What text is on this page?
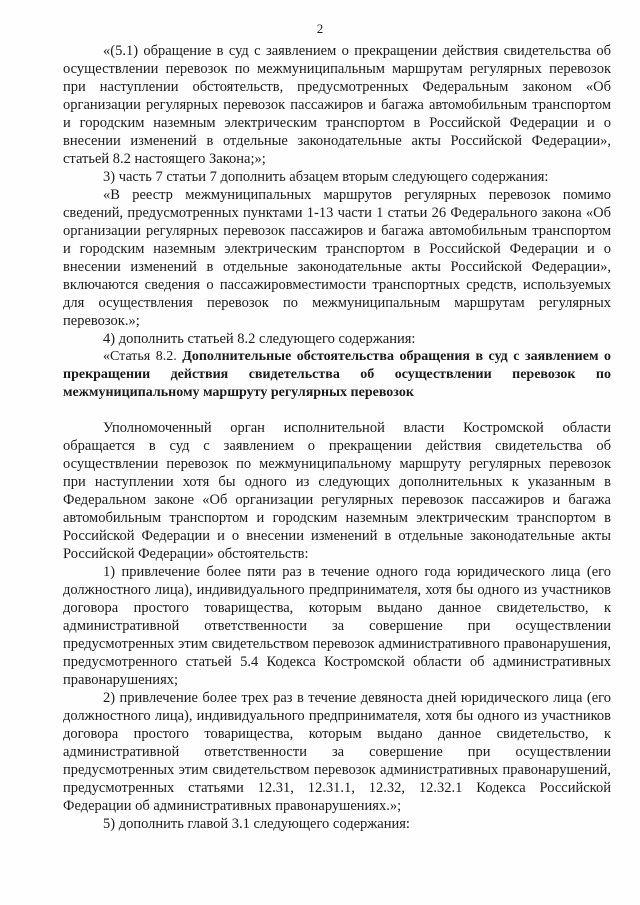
2

«(5.1) обращение в суд с заявлением о прекращении действия свидетельства об осуществлении перевозок по межмуниципальным маршрутам регулярных перевозок при наступлении обстоятельств, предусмотренных Федеральным законом «Об организации регулярных перевозок пассажиров и багажа автомобильным транспортом и городским наземным электрическим транспортом в Российской Федерации и о внесении изменений в отдельные законодательные акты Российской Федерации», статьей 8.2 настоящего Закона;»;

3) часть 7 статьи 7 дополнить абзацем вторым следующего содержания:

«В реестр межмуниципальных маршрутов регулярных перевозок помимо сведений, предусмотренных пунктами 1-13 части 1 статьи 26 Федерального закона «Об организации регулярных перевозок пассажиров и багажа автомобильным транспортом и городским наземным электрическим транспортом в Российской Федерации и о внесении изменений в отдельные законодательные акты Российской Федерации», включаются сведения о пассажировместимости транспортных средств, используемых для осуществления перевозок по межмуниципальным маршрутам регулярных перевозок.»;

4) дополнить статьей 8.2 следующего содержания:

«Статья 8.2. Дополнительные обстоятельства обращения в суд с заявлением о прекращении действия свидетельства об осуществлении перевозок по межмуниципальному маршруту регулярных перевозок

Уполномоченный орган исполнительной власти Костромской области обращается в суд с заявлением о прекращении действия свидетельства об осуществлении перевозок по межмуниципальному маршруту регулярных перевозок при наступлении хотя бы одного из следующих дополнительных к указанным в Федеральном законе «Об организации регулярных перевозок пассажиров и багажа автомобильным транспортом и городским наземным электрическим транспортом в Российской Федерации и о внесении изменений в отдельные законодательные акты Российской Федерации» обстоятельств:

1) привлечение более пяти раз в течение одного года юридического лица (его должностного лица), индивидуального предпринимателя, хотя бы одного из участников договора простого товарищества, которым выдано данное свидетельство, к административной ответственности за совершение при осуществлении предусмотренных этим свидетельством перевозок административного правонарушения, предусмотренного статьей 5.4 Кодекса Костромской области об административных правонарушениях;

2) привлечение более трех раз в течение девяноста дней юридического лица (его должностного лица), индивидуального предпринимателя, хотя бы одного из участников договора простого товарищества, которым выдано данное свидетельство, к административной ответственности за совершение при осуществлении предусмотренных этим свидетельством перевозок административных правонарушений, предусмотренных статьями 12.31, 12.31.1, 12.32, 12.32.1 Кодекса Российской Федерации об административных правонарушениях.»;

5) дополнить главой 3.1 следующего содержания:
